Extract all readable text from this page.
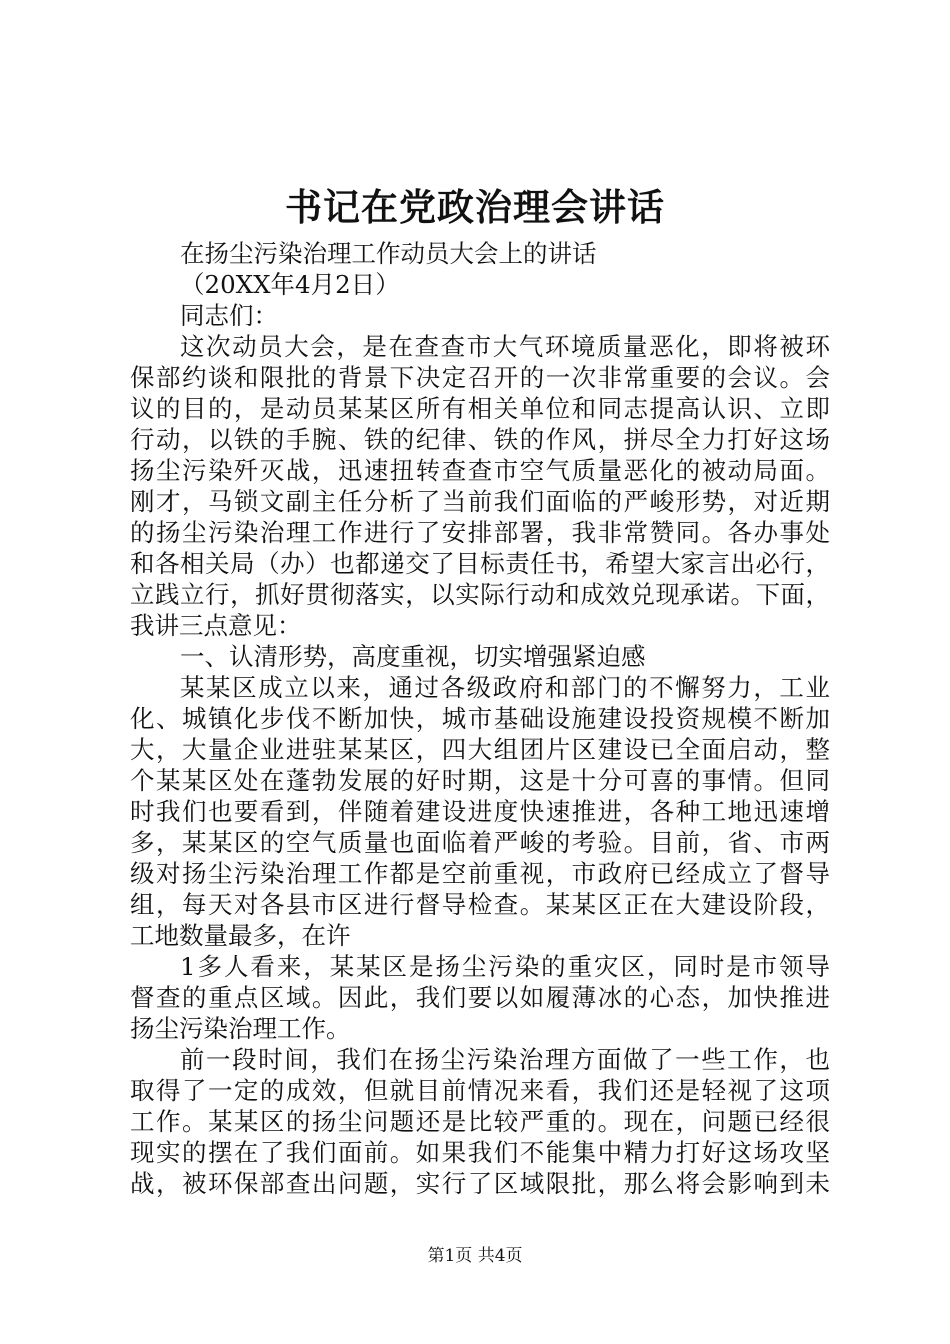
书记在党政治理会讲话
在扬尘污染治理工作动员大会上的讲话
（20XX年4月2日）
同志们：
这次动员大会，是在查查市大气环境质量恶化，即将被环
保部约谈和限批的背景下决定召开的一次非常重要的会议。会
议的目的，是动员某某区所有相关单位和同志提高认识、立即
行动，以铁的手腕、铁的纪律、铁的作风，拼尽全力打好这场
扬尘污染歼灭战，迅速扭转查查市空气质量恶化的被动局面。
刚才，马锁文副主任分析了当前我们面临的严峻形势，对近期
的扬尘污染治理工作进行了安排部署，我非常赞同。各办事处
和各相关局（办）也都递交了目标责任书，希望大家言出必行，
立践立行，抓好贯彻落实，以实际行动和成效兑现承诺。下面，
我讲三点意见：
一、认清形势，高度重视，切实增强紧迫感
某某区成立以来，通过各级政府和部门的不懈努力，工业
化、城镇化步伐不断加快，城市基础设施建设投资规模不断加
大，大量企业进驻某某区，四大组团片区建设已全面启动，整
个某某区处在蓬勃发展的好时期，这是十分可喜的事情。但同
时我们也要看到，伴随着建设进度快速推进，各种工地迅速增
多，某某区的空气质量也面临着严峻的考验。目前，省、市两
级对扬尘污染治理工作都是空前重视，市政府已经成立了督导
组，每天对各县市区进行督导检查。某某区正在大建设阶段，
工地数量最多，在许
1多人看来，某某区是扬尘污染的重灾区，同时是市领导
督查的重点区域。因此，我们要以如履薄冰的心态，加快推进
扬尘污染治理工作。
前一段时间，我们在扬尘污染治理方面做了一些工作，也
取得了一定的成效，但就目前情况来看，我们还是轻视了这项
工作。某某区的扬尘问题还是比较严重的。现在，问题已经很
现实的摆在了我们面前。如果我们不能集中精力打好这场攻坚
战，被环保部查出问题，实行了区域限批，那么将会影响到未
第1页 共4页
